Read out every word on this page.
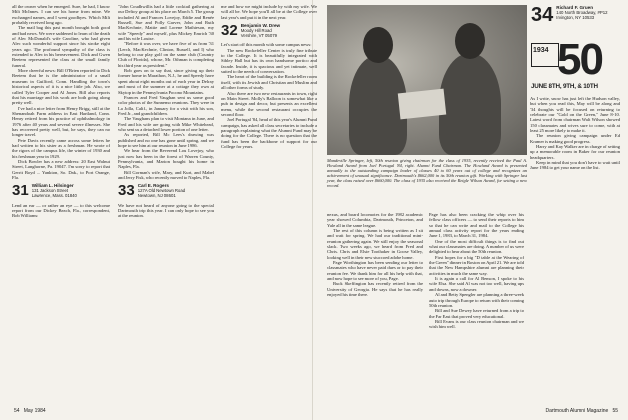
all the owner when he emerged. Sure, he had, I know Milt McInnes. I can see his home from mine. We exchanged names, and I went goodbyes. Which Milt probably received long ago.

The mail bag this past month brought both good and bad news. We were saddened to learn of the death of Alec McDonald's wife Caroline, who had given Alec such wonderful support since his stroke eight years ago. The profound sympathy of the class is extended to Alec in his bereavement. Dick and Gwen Beetem represented the class at the small family funeral.

More cheerful news: Bill O'Brien reported to Dick Beetem that he is the administrator of a small museum in Guilford, Conn. Handling the town's historical aspects of it is a nice little job. Also, we called Tyler Cooper and Al Jones. Bill also reports that his marriage and his work are both going along pretty well.

I've had a nice letter from Henry Brigg, still at the Shenandoah Farm address in East Hartland, Conn. Henry retired from his practice of ophthalmology in 1976 after 40 years and several severe illnesses. She has recovered pretty well, but, he says, they can no longer travel.

Pete Davis recently came across some letters he had written to his sister as a freshman. He wrote of the rigors of the campus life, the winter of 1930 and his freshman year in 1929.

Dick Bowler has a new address: 20 East Walnut Street, Langhorne, Pa. 19047. I'm sorry to report that Gerrit Boyd ... Yankton, So. Dak., to Port Orange, Fla.

31 William L. Hilsinger
131 Jackson Street
Lawrence, Mass. 01840

Lend an ear — or rather an eye — to this welcome report from our Dickey Beach, Fla., correspondent, Bob Williams:

"John Coudhwillis had a little cocktail gathering at our Deltoy group at his place on March 5. The group included Al and Frances Lovejoy, Eddie and Renée Russell, Sue and Polly Garver, John and Ruth MacKechnie, Mattie and Lorene Mathieson, my wife "Speedy" and myself, plus Mickey Emrich '30 and his wife Louise.

"Before it was over, we have five of us from '31 (Lerch, MacKechnie, Clinton, Russell, and I) who belong to our play golf on the same club (Country Club of Florida), whose, Mr. Othman is completing his third year as president."

Bob goes on to say that, since giving up their former home in Marathon, N.J., he and Speedy have spent about eight months out of each year in Delray and most of the summer at a cottage they own at Skytop in the Pennsylvania Pocono Mountains.

Frances and Fred Vaughan sent us some good color photos of the Sunnemo reunions. They were in La Jolla, Calif., in January for a visit with his son, Fred Jr., and grandchildren.

The Vaughans plan to visit Montana in June, and Fred and his wife are going with Mike Whitehead, who sent us a detached lower portion of one letter.

As reported, Bill Mc Lees's drawing was published and no one has gone until spring, and we hope to see him at our reunion in June 1986.

We hear from the Reverend Lou Lovejoy, who just now has been in the forest of Warren County, Pennsylvania, and Marion bought his home in Naples, Fla.

Bill Gorman's wife, Mary, and Kurt, and Mabel and Jerry Fisk, who recently moved to Naples, Fla.

33 Carl E. Rogers
127A Old Newtown Road
Newtown, NJ 08601

We have not heard of anyone going to the special Dartmouth trip this year. I can only hope to see you at the reunion.

me and how we might include by with my wife. We will all be. We hope you'll all be at the College over last year's and put it in the next year.

32 Benjamin W. Drew
Moody Hill Road
Vershire, VT 05079

Let's start off this month with some campus news:

The new Rockefeller Center is truly fine tribute to the College. It is beautifully integrated with Sibley Hall but has its own handsome portico and facade. Inside, it is spacious and yet intimate, well suited to the needs of conversation.

The heart of the building is the Rockefeller room itself, with its Jewish and Christian and Muslim and all other forms of study.

Also there are two new restaurants in town, right on Main Street. Molly's Balloon is somewhat like a pub in design and decor, but presents an excellent menu, while the second restaurant occupies the second floor.

Joel Portugal '84, head of this year's Alumni Fund campaign, has asked all class secretaries to include a paragraph explaining what the Alumni Fund may be doing for the College. There is no question that the fund has been the backbone of support for our College for years.

Mandeville Springer, left, 50th reunion giving chairman for the class of 1935, recently received the Paul A. Howland Award from Joel Portugal '84, right. Alumni Fund Chairman. The Howland Award is presented annually to the outstanding campaign leader of classes 40 to 60 years out of college and recognizes an achievement of unusual significance. Dartmouth's $662,000 in its 50th reunion gift. Working with Springer last year, the class raised over $660,000. The class of 1935 also received the Reigle Wilson Award, for setting a new record.

nexus, and board locomotes for the 1982 academic year showed Columbia, Dartmouth, Princeton, and Yale all in the same league.

The rest of this column is being written as I sit and wait for spring. We had our traditional mini-reunion gathering again. We still enjoy the seasonal slack. Two weeks ago, we heard from Fred and Chris. Chris and Elsie Toothaker in Goose Valley, looking well in their new stuccoed adobe home.

Page Worthington has been sending our letter to classmates who have never paid dues or to pay their reunion fee. We thank him for all his help with that, and now hope to see more of you, Page.

Buck Skeffington has recently retired from the University of Georgia. He says that he has really enjoyed his time there.

Page has also been cracking the whip over his fellow class officers — to send their reports to him so that he can write and mail to the College his annual class activity report for the years ending June 1, 1983, to March 31, 1984.

One of the most difficult things is to find out what our classmates are doing. A number of us were delighted to hear about the 50th reunion.

First hopes for a big "D table at the Wearing of the Green" dinner in Boston on April 21. We are told that the New Hampshire alumni are planning their activities in much the same way.

It is again a call for Al Benson, I spoke to his wife Elsa. She said Al was not too well, having ups and downs, now a downer.

Al and Betty Spengler are planning a three-week auto trip through Europe to return with their coming 50th reunion.

Bill and Sue Dewey have returned from a trip to the Far East that proved very educational.

Bill Evans is our class reunion chairman and we wish him well.

34 Richard F. Gruen
140 North Broadway, #P12
Irvington, NY 10533
1934 50
JUNE 8TH, 9TH, & 10TH

As I write, snow has just left the Hudson valley, but when you read this, May will be along and '34 thoughts will be focused on returning to celebrate our "Gold on the Green," June 8-10. Latest word from chairman Walt Wilson showed 150 classmates and wives sure to come, with at least 25 more likely to make it.

The reunion giving campaign under Ed Kramer is making good progress.

Harry and Kay Walker are in charge of setting up a memorable room in Baker for our reunion headquarters.

Keep in mind that you don't have to wait until June 1984 to get your name on the list.

54 May 1984	Dartmouth Alumni Magazine 55
